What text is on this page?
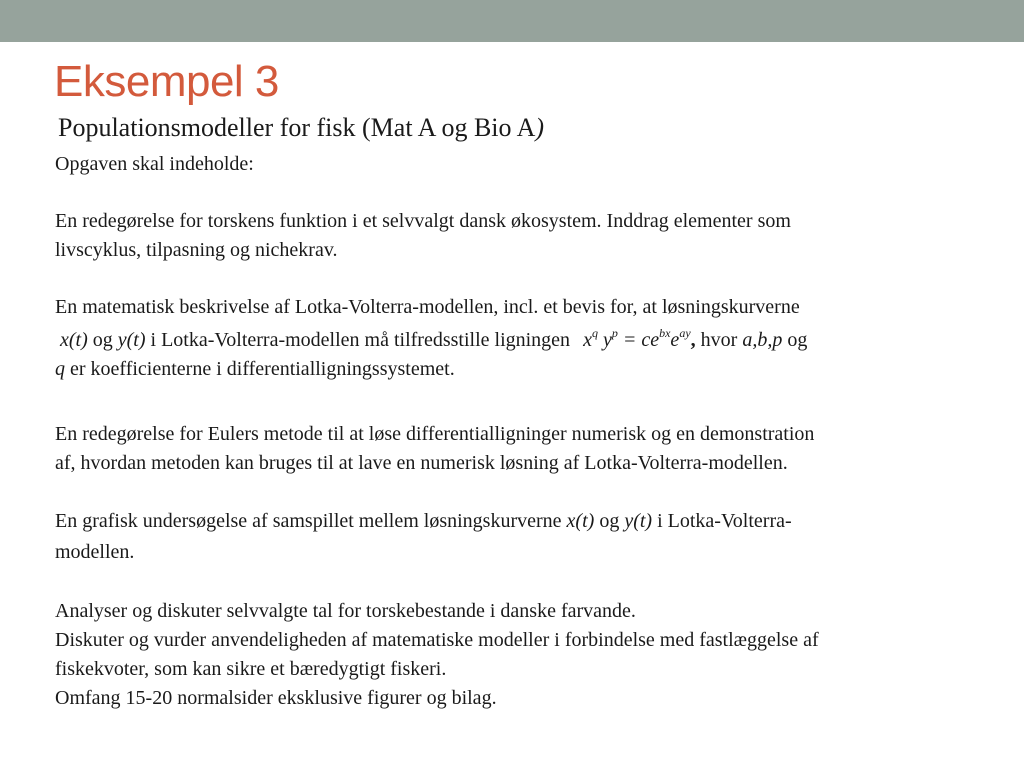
Eksempel 3
Populationsmodeller for fisk (Mat A og Bio A)

Opgaven skal indeholde:

En redegørelse for torskens funktion i et selvvalgt dansk økosystem. Inddrag elementer som

livscyklus, tilpasning og nichekrav.

En matematisk beskrivelse af Lotka-Volterra-modellen, incl. et bevis for, at løsningskurverne

x(t) og y(t) i Lotka-Volterra-modellen må tilfredsstille ligningen $x^q$ $y^p = ce^{bx}e^{ay}$, hvor a,b,p og

q er koefficienterne i differentialligningssystemet.

En redegørelse for Eulers metode til at løse differentialligninger numerisk og en demonstration

af, hvordan metoden kan bruges til at lave en numerisk løsning af Lotka-Volterra-modellen.

En grafisk undersøgelse af samspillet mellem løsningskurverne x(t) og y(t) i Lotka-Volterra-

modellen.

Analyser og diskuter selvvalgte tal for torskebestande i danske farvande.

Diskuter og vurder anvendeligheden af matematiske modeller i forbindelse med fastlæggelse af

fiskekvoter, som kan sikre et bæredygtigt fiskeri.

Omfang 15-20 normalsider eksklusive figurer og bilag.
